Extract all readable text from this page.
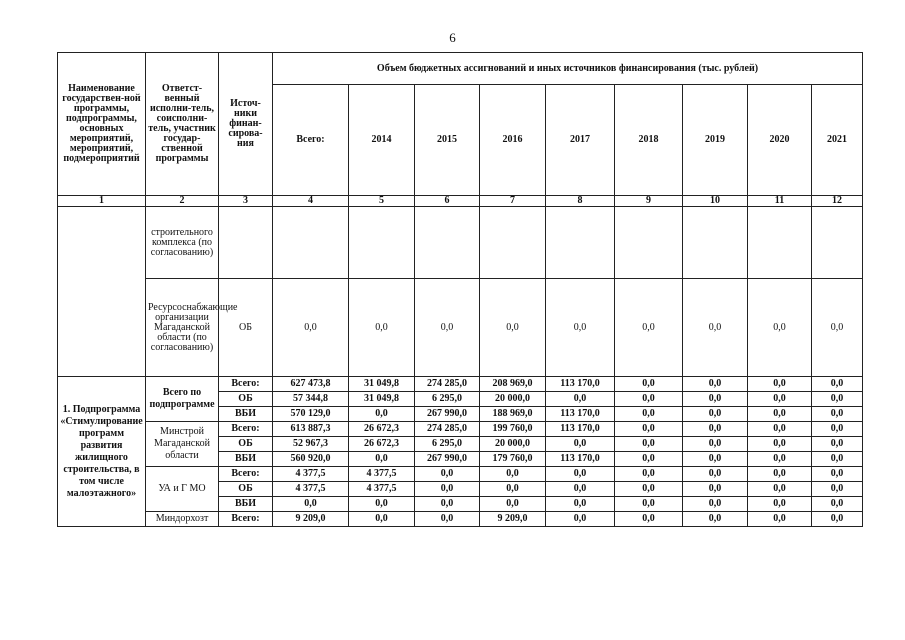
6
Наименование государствен-ной программы, подпрограммы, основных мероприятий, мероприятий, подмероприятий	Ответст-венный исполни-тель, соисполни-тель, участник государ-ственной программы	Источ-ники финан-сирова-ния	Объем бюджетных ассигнований и иных источников финансирования (тыс. рублей)								
			Всего:	2014	2015	2016	2017	2018	2019	2020	2021
1	2	3	4	5	6	7	8	9	10	11	12
	строительного комплекса (по согласованию)										
	Ресурсоснабжающие организации Магаданской области (по согласованию)	ОБ	0,0	0,0	0,0	0,0	0,0	0,0	0,0	0,0	0,0
1. Подпрограмма «Стимулирование программ развития жилищного строительства, в том числе малоэтажного»	Всего по подпрограмме	Всего:	627 473,8	31 049,8	274 285,0	208 969,0	113 170,0	0,0	0,0	0,0	0,0
		ОБ	57 344,8	31 049,8	6 295,0	20 000,0	0,0	0,0	0,0	0,0	0,0
		ВБИ	570 129,0	0,0	267 990,0	188 969,0	113 170,0	0,0	0,0	0,0	0,0
	Минстрой Магаданской области	Всего:	613 887,3	26 672,3	274 285,0	199 760,0	113 170,0	0,0	0,0	0,0	0,0
		ОБ	52 967,3	26 672,3	6 295,0	20 000,0	0,0	0,0	0,0	0,0	0,0
		ВБИ	560 920,0	0,0	267 990,0	179 760,0	113 170,0	0,0	0,0	0,0	0,0
	УА и Г МО	Всего:	4 377,5	4 377,5	0,0	0,0	0,0	0,0	0,0	0,0	0,0
		ОБ	4 377,5	4 377,5	0,0	0,0	0,0	0,0	0,0	0,0	0,0
		ВБИ	0,0	0,0	0,0	0,0	0,0	0,0	0,0	0,0	0,0
	Миндорхозт	Всего:	9 209,0	0,0	0,0	9 209,0	0,0	0,0	0,0	0,0	0,0
